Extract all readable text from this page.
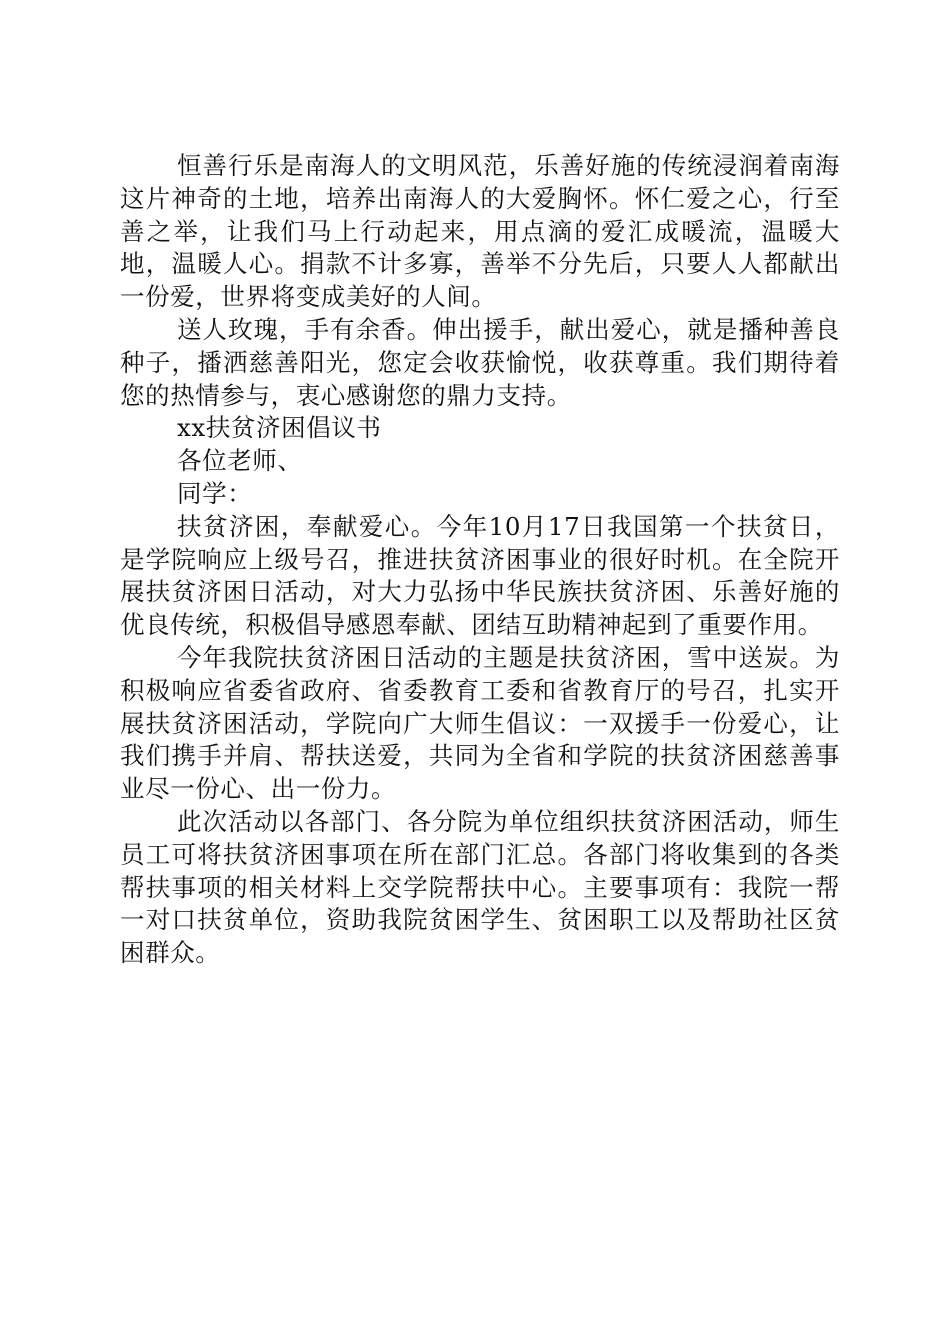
恒善行乐是南海人的文明风范，乐善好施的传统浸润着南海这片神奇的土地，培养出南海人的大爱胸怀。怀仁爱之心，行至善之举，让我们马上行动起来，用点滴的爱汇成暖流，温暖大地，温暖人心。捐款不计多寡，善举不分先后，只要人人都献出一份爱，世界将变成美好的人间。

送人玫瑰，手有余香。伸出援手，献出爱心，就是播种善良种子，播洒慈善阳光，您定会收获愉悦，收获尊重。我们期待着您的热情参与，衷心感谢您的鼎力支持。

xx扶贫济困倡议书

各位老师、

同学：

扶贫济困，奉献爱心。今年10月17日我国第一个扶贫日，是学院响应上级号召，推进扶贫济困事业的很好时机。在全院开展扶贫济困日活动，对大力弘扬中华民族扶贫济困、乐善好施的优良传统，积极倡导感恩奉献、团结互助精神起到了重要作用。

今年我院扶贫济困日活动的主题是扶贫济困，雪中送炭。为积极响应省委省政府、省委教育工委和省教育厅的号召，扎实开展扶贫济困活动，学院向广大师生倡议：一双援手一份爱心，让我们携手并肩、帮扶送爱，共同为全省和学院的扶贫济困慈善事业尽一份心、出一份力。

此次活动以各部门、各分院为单位组织扶贫济困活动，师生员工可将扶贫济困事项在所在部门汇总。各部门将收集到的各类帮扶事项的相关材料上交学院帮扶中心。主要事项有：我院一帮一对口扶贫单位，资助我院贫困学生、贫困职工以及帮助社区贫困群众。
